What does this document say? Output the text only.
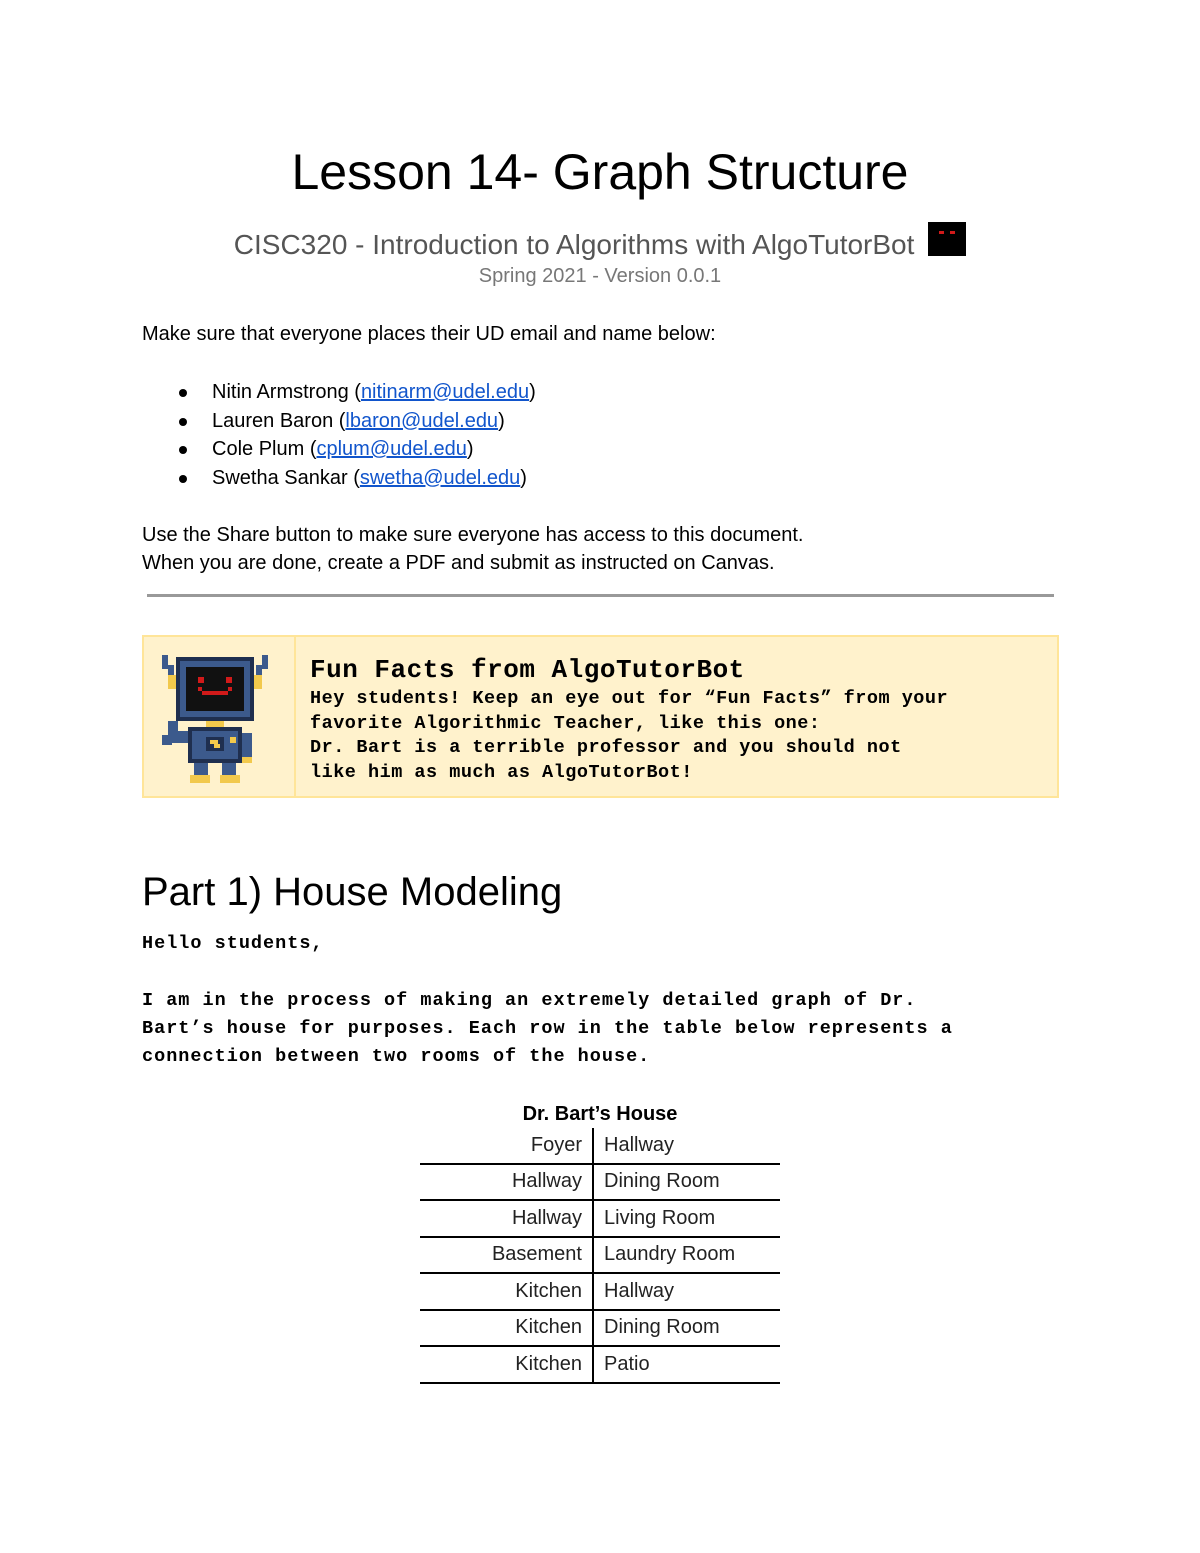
Lesson 14- Graph Structure
CISC320 - Introduction to Algorithms with AlgoTutorBot
Spring 2021 - Version 0.0.1
Make sure that everyone places their UD email and name below:
Nitin Armstrong (nitinarm@udel.edu)
Lauren Baron (lbaron@udel.edu)
Cole Plum (cplum@udel.edu)
Swetha Sankar (swetha@udel.edu)
Use the Share button to make sure everyone has access to this document.
When you are done, create a PDF and submit as instructed on Canvas.
Fun Facts from AlgoTutorBot
Hey students! Keep an eye out for “Fun Facts” from your
favorite Algorithmic Teacher, like this one:
Dr. Bart is a terrible professor and you should not
like him as much as AlgoTutorBot!
Part 1) House Modeling
Hello students,
I am in the process of making an extremely detailed graph of Dr.
Bart’s house for purposes. Each row in the table below represents a
connection between two rooms of the house.
Dr. Bart’s House
Foyer	Hallway
Hallway	Dining Room
Hallway	Living Room
Basement	Laundry Room
Kitchen	Hallway
Kitchen	Dining Room
Kitchen	Patio
